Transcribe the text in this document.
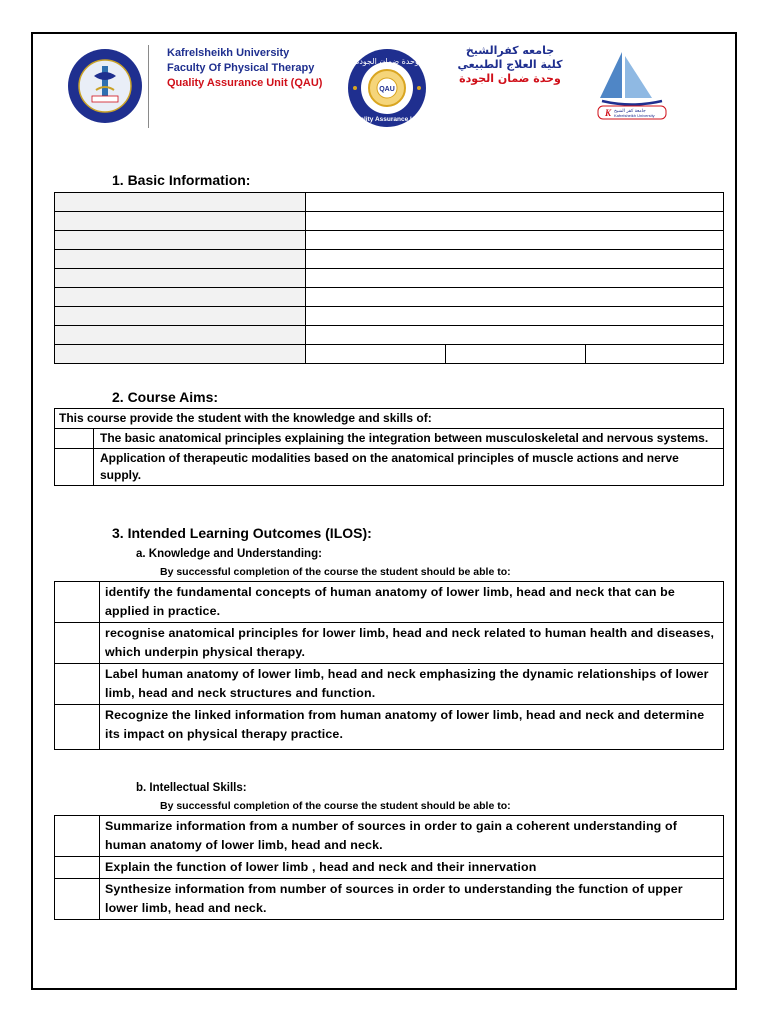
Kafrelsheikh University
Faculty Of Physical Therapy
Quality Assurance Unit (QAU)
QAU
وحدة ضمان الجودة
Quality Assurance Unit
جامعه كفرالشيخ
كلية العلاج الطبيعي
وحدة ضمان الجودة
K جامعة كفر الشيخ
Kafrelsheikh University
1. Basic Information:

2. Course Aims:
This course provide the student with the knowledge and skills of:	
	The basic anatomical principles explaining the integration between musculoskeletal and nervous systems.
	Application of therapeutic modalities based on the anatomical principles of muscle actions and nerve supply.
3. Intended Learning Outcomes (ILOS):
a. Knowledge and Understanding:
By successful completion of the course the student should be able to:
	identify the fundamental concepts of human anatomy of lower limb, head and neck that can be applied in practice.
	recognise anatomical principles for lower limb, head and neck related to human health and diseases, which underpin physical therapy.
	Label human anatomy of lower limb, head and neck emphasizing the dynamic relationships of lower limb, head and neck structures and function.
	Recognize the linked information from human anatomy of lower limb, head and neck and determine its impact on physical therapy practice.
b. Intellectual Skills:
By successful completion of the course the student should be able to:
	Summarize information from a number of sources in order to gain a coherent understanding of human anatomy of lower limb, head and neck.
	Explain the function of lower limb , head and neck and their innervation
	Synthesize information from number of sources in order to understanding the function of upper lower limb, head and neck.
